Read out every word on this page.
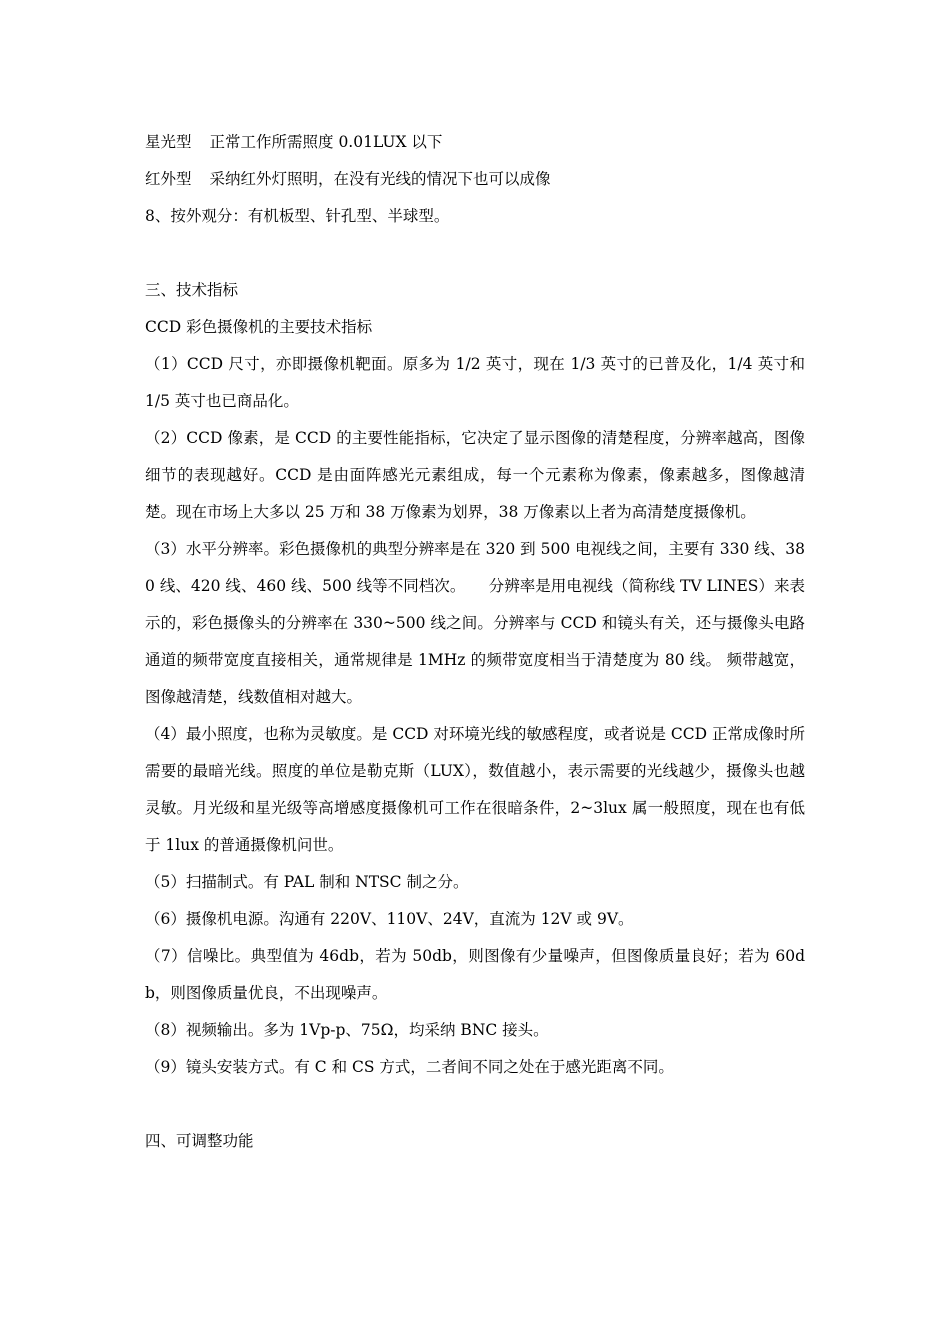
星光型 正常工作所需照度 0.01LUX 以下
红外型 采纳红外灯照明，在没有光线的情况下也可以成像
8、按外观分：有机板型、针孔型、半球型。
三、技术指标
CCD 彩色摄像机的主要技术指标

（1）CCD 尺寸，亦即摄像机靶面。原多为 1/2 英寸，现在 1/3 英寸的已普及化，1/4 英寸和 1/5 英寸也已商品化。

（2）CCD 像素，是 CCD 的主要性能指标，它决定了显示图像的清楚程度，分辨率越高，图像细节的表现越好。CCD 是由面阵感光元素组成，每一个元素称为像素，像素越多，图像越清楚。现在市场上大多以 25 万和 38 万像素为划界，38 万像素以上者为高清楚度摄像机。

（3）水平分辨率。彩色摄像机的典型分辨率是在 320 到 500 电视线之间，主要有 330 线、380 线、420 线、460 线、500 线等不同档次。　　分辨率是用电视线（简称线 TV LINES）来表示的，彩色摄像头的分辨率在 330~500 线之间。分辨率与 CCD 和镜头有关，还与摄像头电路通道的频带宽度直接相关，通常规律是 1MHz 的频带宽度相当于清楚度为 80 线。 频带越宽，图像越清楚，线数值相对越大。

（4）最小照度，也称为灵敏度。是 CCD 对环境光线的敏感程度，或者说是 CCD 正常成像时所需要的最暗光线。照度的单位是勒克斯（LUX），数值越小，表示需要的光线越少，摄像头也越灵敏。月光级和星光级等高增感度摄像机可工作在很暗条件，2~3lux 属一般照度，现在也有低于 1lux 的普通摄像机问世。

（5）扫描制式。有 PAL 制和 NTSC 制之分。

（6）摄像机电源。沟通有 220V、110V、24V，直流为 12V 或 9V。

（7）信噪比。典型值为 46db，若为 50db，则图像有少量噪声，但图像质量良好；若为 60db，则图像质量优良，不出现噪声。

（8）视频输出。多为 1Vp-p、75Ω，均采纳 BNC 接头。

（9）镜头安装方式。有 C 和 CS 方式，二者间不同之处在于感光距离不同。

四、可调整功能
